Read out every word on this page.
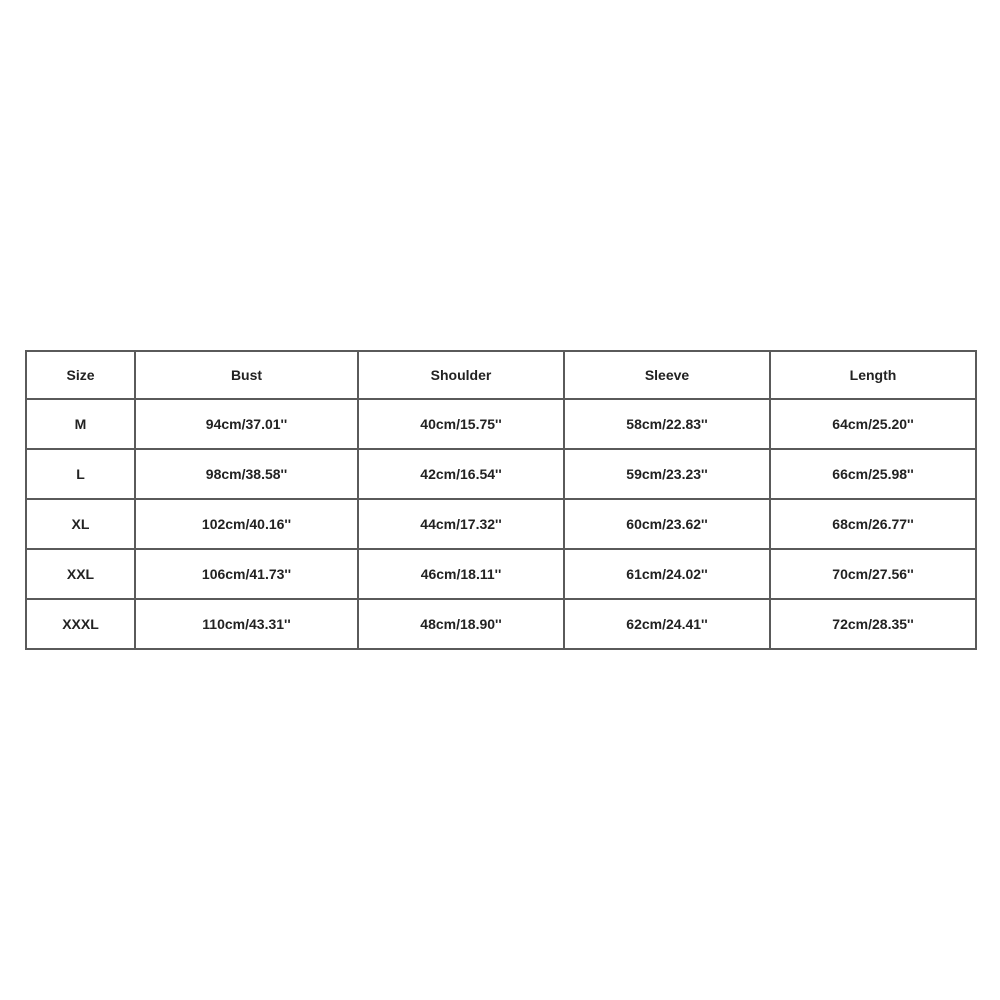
Size	Bust	Shoulder	Sleeve	Length
M	94cm/37.01''	40cm/15.75''	58cm/22.83''	64cm/25.20''
L	98cm/38.58''	42cm/16.54''	59cm/23.23''	66cm/25.98''
XL	102cm/40.16''	44cm/17.32''	60cm/23.62''	68cm/26.77''
XXL	106cm/41.73''	46cm/18.11''	61cm/24.02''	70cm/27.56''
XXXL	110cm/43.31''	48cm/18.90''	62cm/24.41''	72cm/28.35''
